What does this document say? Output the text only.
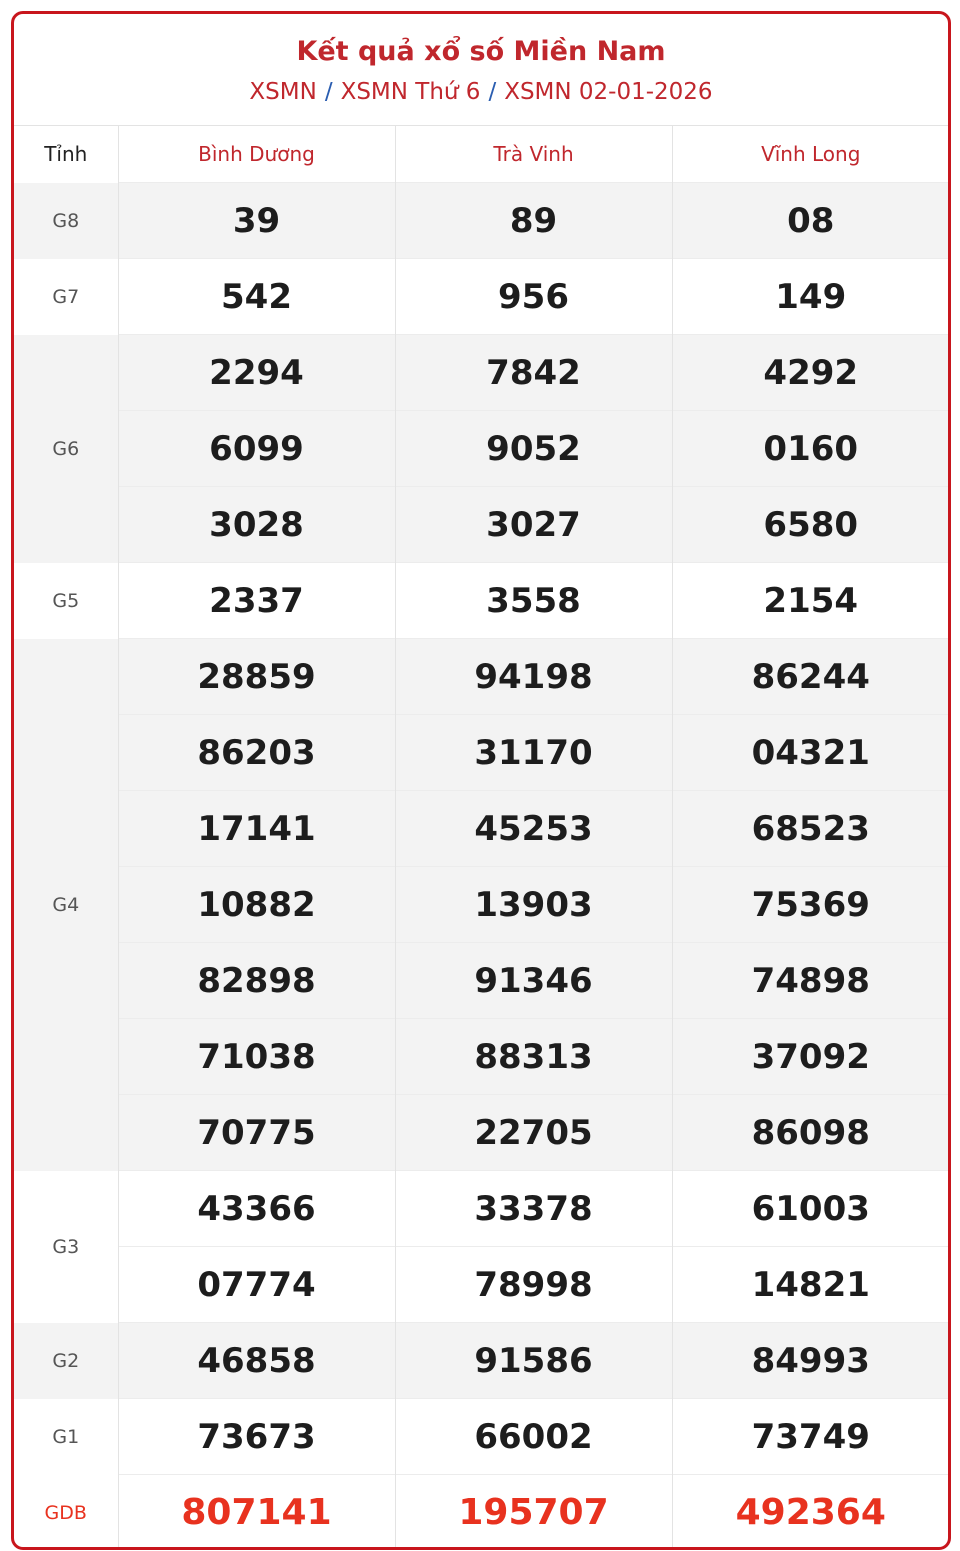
Kết quả xổ số Miền Nam
XSMN / XSMN Thứ 6 / XSMN 02-01-2026
Tỉnh	Bình Dương	Trà Vinh	Vĩnh Long
G8	39	89	08
G7	542	956	149
G6	2294	7842	4292
	6099	9052	0160
	3028	3027	6580
G5	2337	3558	2154
G4	28859	94198	86244
	86203	31170	04321
	17141	45253	68523
	10882	13903	75369
	82898	91346	74898
	71038	88313	37092
	70775	22705	86098
G3	43366	33378	61003
	07774	78998	14821
G2	46858	91586	84993
G1	73673	66002	73749
GDB	807141	195707	492364
